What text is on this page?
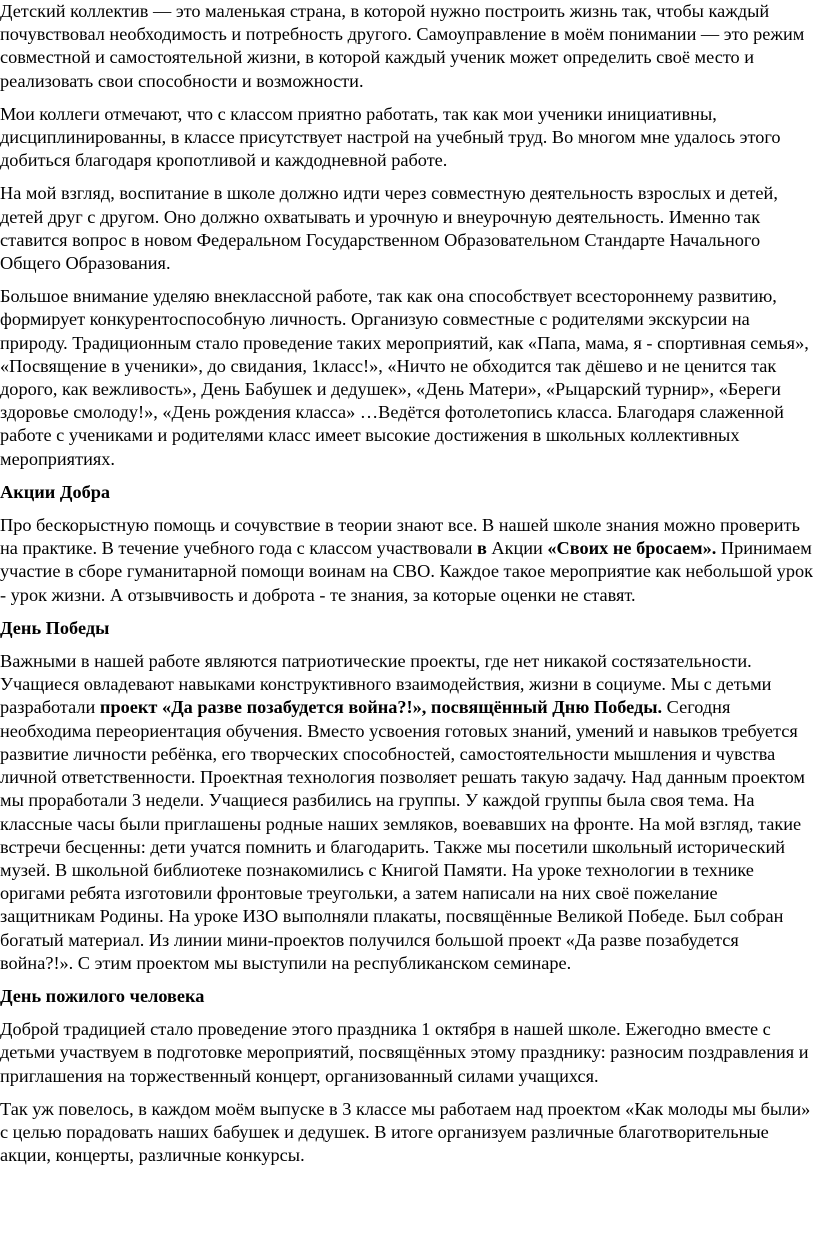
Детский коллектив — это маленькая страна, в которой нужно построить жизнь так, чтобы каждый почувствовал необходимость и потребность другого. Самоуправление в моём понимании — это режим совместной и самостоятельной жизни, в которой каждый ученик может определить своё место и реализовать свои способности и возможности.

Мои коллеги отмечают, что с классом приятно работать, так как мои ученики инициативны, дисциплинированны, в классе присутствует настрой на учебный труд. Во многом мне удалось этого добиться благодаря кропотливой и каждодневной работе.

На мой взгляд, воспитание в школе должно идти через совместную деятельность взрослых и детей, детей друг с другом. Оно должно охватывать и урочную и внеурочную деятельность. Именно так ставится вопрос в новом Федеральном Государственном Образовательном Стандарте Начального Общего Образования.

Большое внимание уделяю внеклассной работе, так как она способствует всестороннему развитию, формирует конкурентоспособную личность. Организую совместные с родителями экскурсии на природу. Традиционным стало проведение таких мероприятий, как «Папа, мама, я - спортивная семья», «Посвящение в ученики», до свидания, 1класс!», «Ничто не обходится так дёшево и не ценится так дорого, как вежливость», День Бабушек и дедушек», «День Матери», «Рыцарский турнир», «Береги здоровье смолоду!», «День рождения класса» …Ведётся фотолетопись класса. Благодаря слаженной работе с учениками и родителями класс имеет высокие достижения в школьных коллективных мероприятиях.

Акции Добра

Про бескорыстную помощь и сочувствие в теории знают все. В нашей школе знания можно проверить на практике. В течение учебного года с классом участвовали в Акции «Своих не бросаем». Принимаем участие в сборе гуманитарной помощи воинам на СВО. Каждое такое мероприятие как небольшой урок - урок жизни. А отзывчивость и доброта - те знания, за которые оценки не ставят.

День Победы

Важными в нашей работе являются патриотические проекты, где нет никакой состязательности. Учащиеся овладевают навыками конструктивного взаимодействия, жизни в социуме. Мы с детьми разработали проект «Да разве позабудется война?!», посвящённый Дню Победы. Сегодня необходима переориентация обучения. Вместо усвоения готовых знаний, умений и навыков требуется развитие личности ребёнка, его творческих способностей, самостоятельности мышления и чувства личной ответственности. Проектная технология позволяет решать такую задачу. Над данным проектом мы проработали 3 недели. Учащиеся разбились на группы. У каждой группы была своя тема. На классные часы были приглашены родные наших земляков, воевавших на фронте. На мой взгляд, такие встречи бесценны: дети учатся помнить и благодарить. Также мы посетили школьный исторический музей. В школьной библиотеке познакомились с Книгой Памяти. На уроке технологии в технике оригами ребята изготовили фронтовые треугольки, а затем написали на них своё пожелание защитникам Родины. На уроке ИЗО выполняли плакаты, посвящённые Великой Победе. Был собран богатый материал. Из линии мини-проектов получился большой проект «Да разве позабудется война?!». С этим проектом мы выступили на республиканском семинаре.

День пожилого человека

Доброй традицией стало проведение этого праздника 1 октября в нашей школе. Ежегодно вместе с детьми участвуем в подготовке мероприятий, посвящённых этому празднику: разносим поздравления и приглашения на торжественный концерт, организованный силами учащихся.

Так уж повелось, в каждом моём выпуске в 3 классе мы работаем над проектом «Как молоды мы были» с целью порадовать наших бабушек и дедушек. В итоге организуем различные благотворительные акции, концерты, различные конкурсы.
